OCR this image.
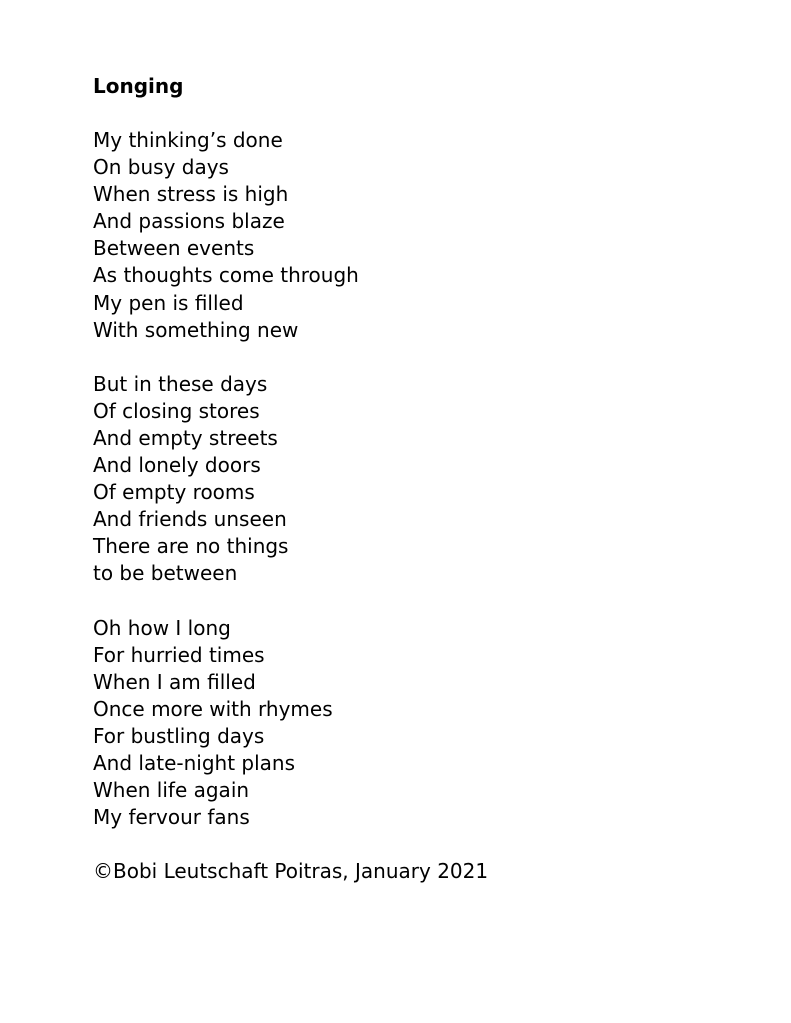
Longing
My thinking’s done
On busy days
When stress is high
And passions blaze
Between events
As thoughts come through
My pen is filled
With something new
But in these days
Of closing stores
And empty streets
And lonely doors
Of empty rooms
And friends unseen
There are no things
to be between
Oh how I long
For hurried times
When I am filled
Once more with rhymes
For bustling days
And late-night plans
When life again
My fervour fans
©Bobi Leutschaft Poitras, January 2021
